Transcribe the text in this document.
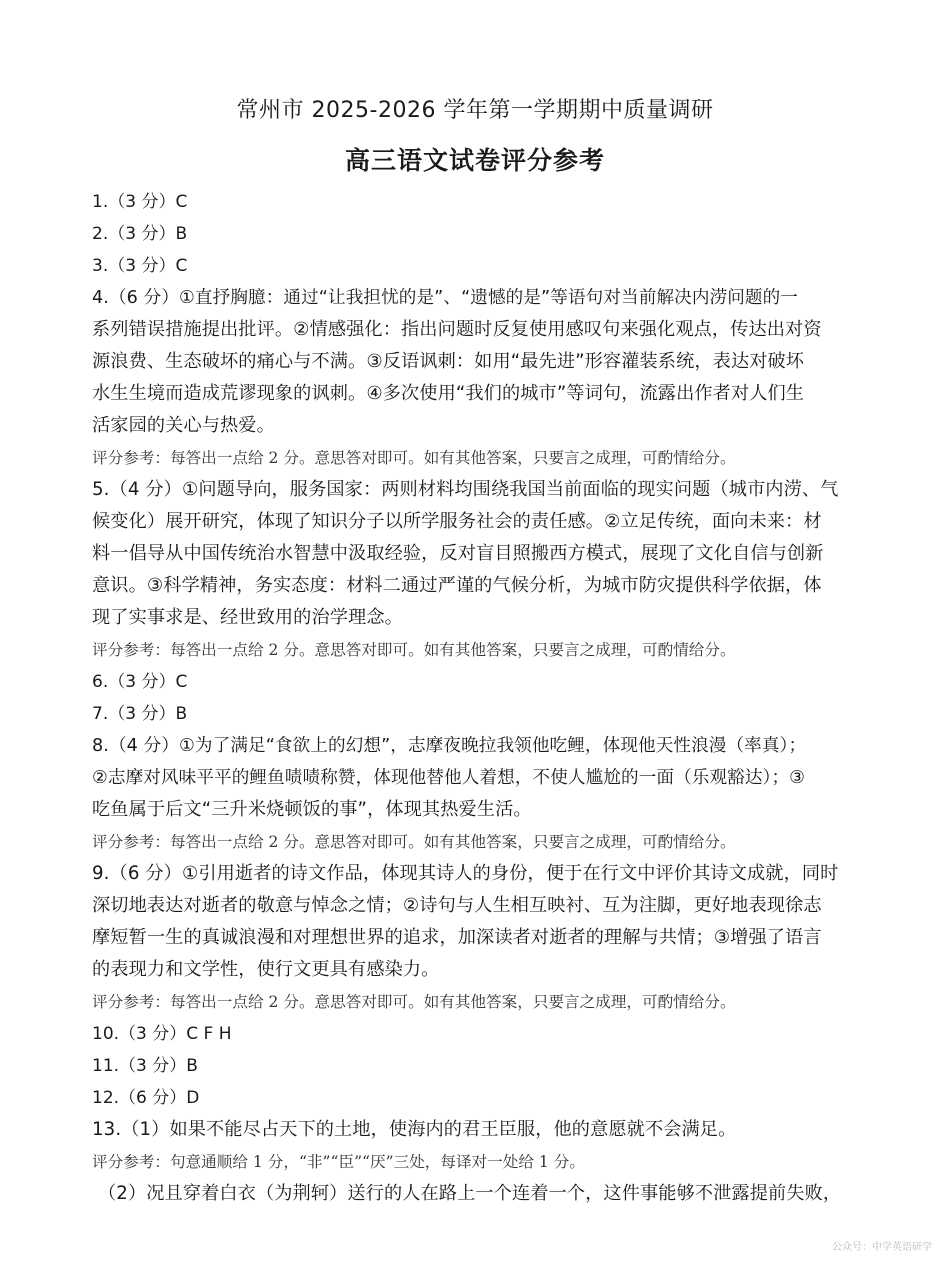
常州市 2025-2026 学年第一学期期中质量调研
高三语文试卷评分参考
1.（3 分）C
2.（3 分）B
3.（3 分）C
4.（6 分）①直抒胸臆：通过“让我担忧的是”、“遗憾的是”等语句对当前解决内涝问题的一
系列错误措施提出批评。②情感强化：指出问题时反复使用感叹句来强化观点，传达出对资
源浪费、生态破坏的痛心与不满。③反语讽刺：如用“最先进”形容灌装系统，表达对破坏
水生生境而造成荒谬现象的讽刺。④多次使用“我们的城市”等词句，流露出作者对人们生
活家园的关心与热爱。
评分参考：每答出一点给 2 分。意思答对即可。如有其他答案，只要言之成理，可酌情给分。
5.（4 分）①问题导向，服务国家：两则材料均围绕我国当前面临的现实问题（城市内涝、气
候变化）展开研究，体现了知识分子以所学服务社会的责任感。②立足传统，面向未来：材
料一倡导从中国传统治水智慧中汲取经验，反对盲目照搬西方模式，展现了文化自信与创新
意识。③科学精神，务实态度：材料二通过严谨的气候分析，为城市防灾提供科学依据，体
现了实事求是、经世致用的治学理念。
评分参考：每答出一点给 2 分。意思答对即可。如有其他答案，只要言之成理，可酌情给分。
6.（3 分）C
7.（3 分）B
8.（4 分）①为了满足“食欲上的幻想”，志摩夜晚拉我领他吃鲤，体现他天性浪漫（率真）；
②志摩对风味平平的鲤鱼啧啧称赞，体现他替他人着想，不使人尴尬的一面（乐观豁达）；③
吃鱼属于后文“三升米烧顿饭的事”，体现其热爱生活。
评分参考：每答出一点给 2 分。意思答对即可。如有其他答案，只要言之成理，可酌情给分。
9.（6 分）①引用逝者的诗文作品，体现其诗人的身份，便于在行文中评价其诗文成就，同时
深切地表达对逝者的敬意与悼念之情；②诗句与人生相互映衬、互为注脚，更好地表现徐志
摩短暂一生的真诚浪漫和对理想世界的追求，加深读者对逝者的理解与共情；③增强了语言
的表现力和文学性，使行文更具有感染力。
评分参考：每答出一点给 2 分。意思答对即可。如有其他答案，只要言之成理，可酌情给分。
10.（3 分）C F H
11.（3 分）B
12.（6 分）D
13.（1）如果不能尽占天下的土地，使海内的君王臣服，他的意愿就不会满足。
评分参考：句意通顺给 1 分，“非”“臣”“厌”三处，每译对一处给 1 分。
（2）况且穿着白衣（为荆轲）送行的人在路上一个连着一个，这件事能够不泄露提前失败，
公众号：中学英语研学
